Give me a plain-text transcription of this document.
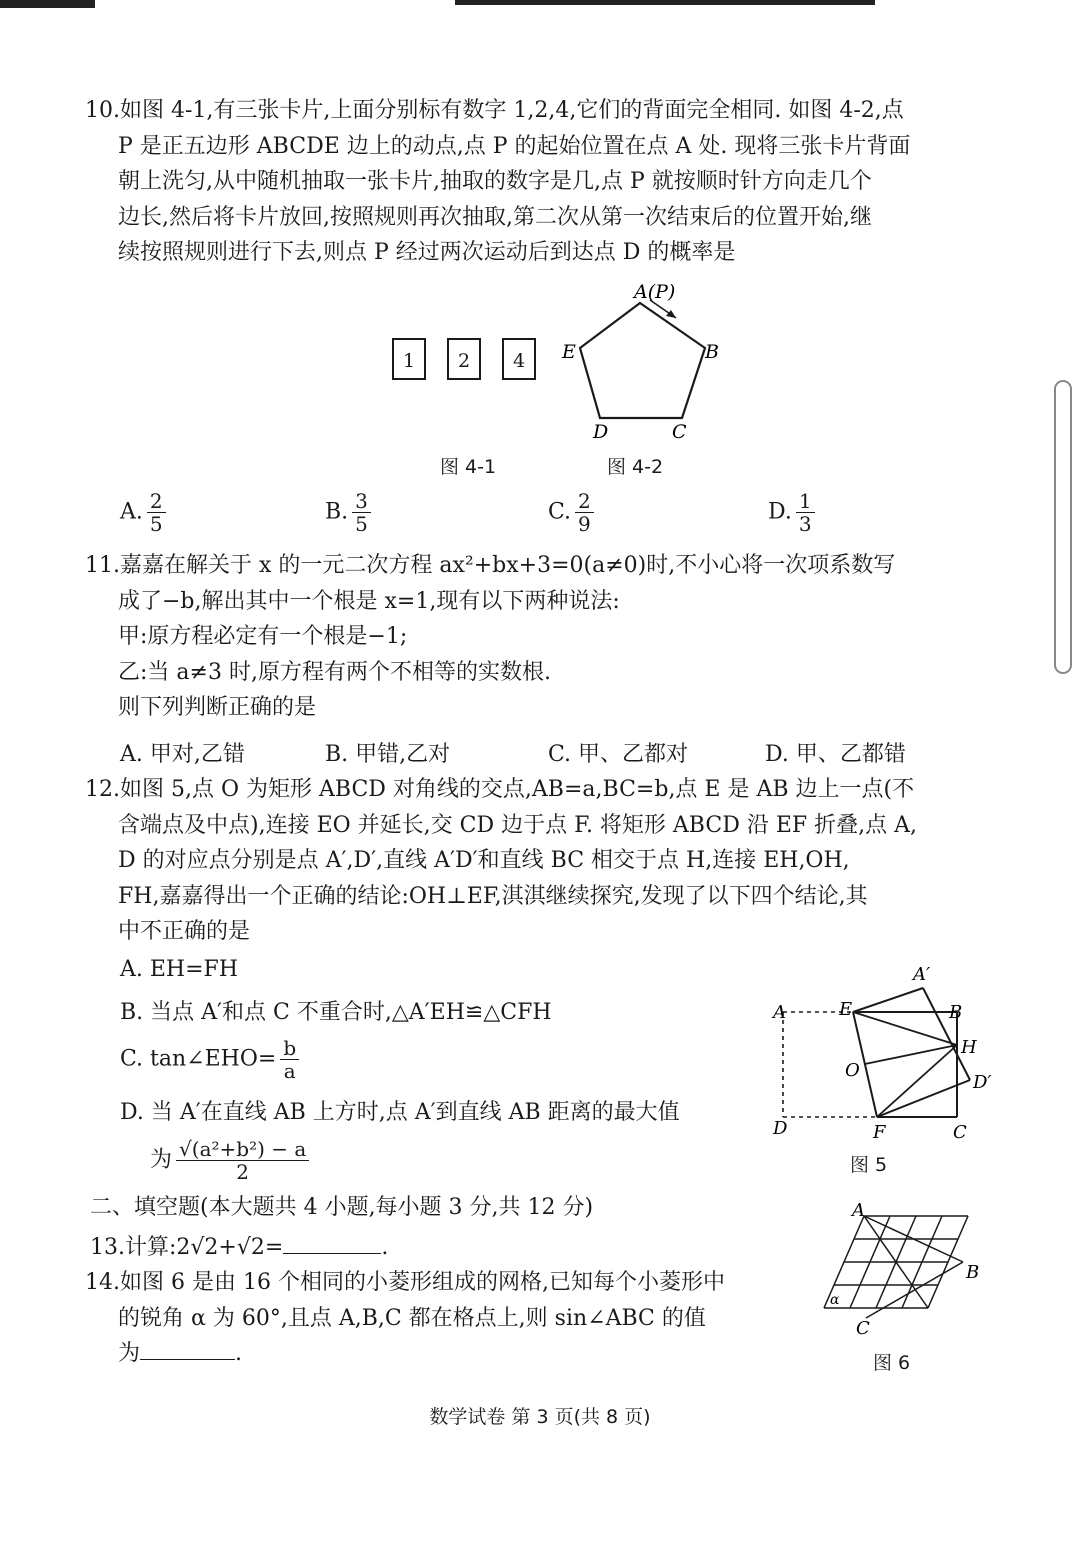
10.如图 4-1,有三张卡片,上面分别标有数字 1,2,4,它们的背面完全相同. 如图 4-2,点
P 是正五边形 ABCDE 边上的动点,点 P 的起始位置在点 A 处. 现将三张卡片背面
朝上洗匀,从中随机抽取一张卡片,抽取的数字是几,点 P 就按顺时针方向走几个
边长,然后将卡片放回,按照规则再次抽取,第二次从第一次结束后的位置开始,继
续按照规则进行下去,则点 P 经过两次运动后到达点 D 的概率是
1	2	4
图 4-1
A(P)
B
C
D
E
图 4-2
A. $\frac{2}{5}$	B. $\frac{3}{5}$	C. $\frac{2}{9}$	D. $\frac{1}{3}$
11.嘉嘉在解关于 x 的一元二次方程 ax²+bx+3=0(a≠0)时,不小心将一次项系数写
成了−b,解出其中一个根是 x=1,现有以下两种说法:
甲:原方程必定有一个根是−1;
乙:当 a≠3 时,原方程有两个不相等的实数根.
则下列判断正确的是
A. 甲对,乙错	B. 甲错,乙对	C. 甲、乙都对	D. 甲、乙都错
12.如图 5,点 O 为矩形 ABCD 对角线的交点,AB=a,BC=b,点 E 是 AB 边上一点(不
含端点及中点),连接 EO 并延长,交 CD 边于点 F. 将矩形 ABCD 沿 EF 折叠,点 A,
D 的对应点分别是点 A′,D′,直线 A′D′和直线 BC 相交于点 H,连接 EH,OH,
FH,嘉嘉得出一个正确的结论:OH⊥EF,淇淇继续探究,发现了以下四个结论,其
中不正确的是
A. EH=FH
B. 当点 A′和点 C 不重合时,△A′EH≌△CFH
C. tan∠EHO= $\frac{b}{a}$
D. 当 A′在直线 AB 上方时,点 A′到直线 AB 距离的最大值
为 $\frac{\text{√(a²+b²) − a}}{2}$
A	E
A′
B
H
O
D′
D	F	C
图 5
二、填空题(本大题共 4 小题,每小题 3 分,共 12 分)
13.计算:2√2+√2=	.
14.如图 6 是由 16 个相同的小菱形组成的网格,已知每个小菱形中
的锐角 α 为 60°,且点 A,B,C 都在格点上,则 sin∠ABC 的值
为	.
A
B
C
α
图 6
数学试卷 第 3 页(共 8 页)
